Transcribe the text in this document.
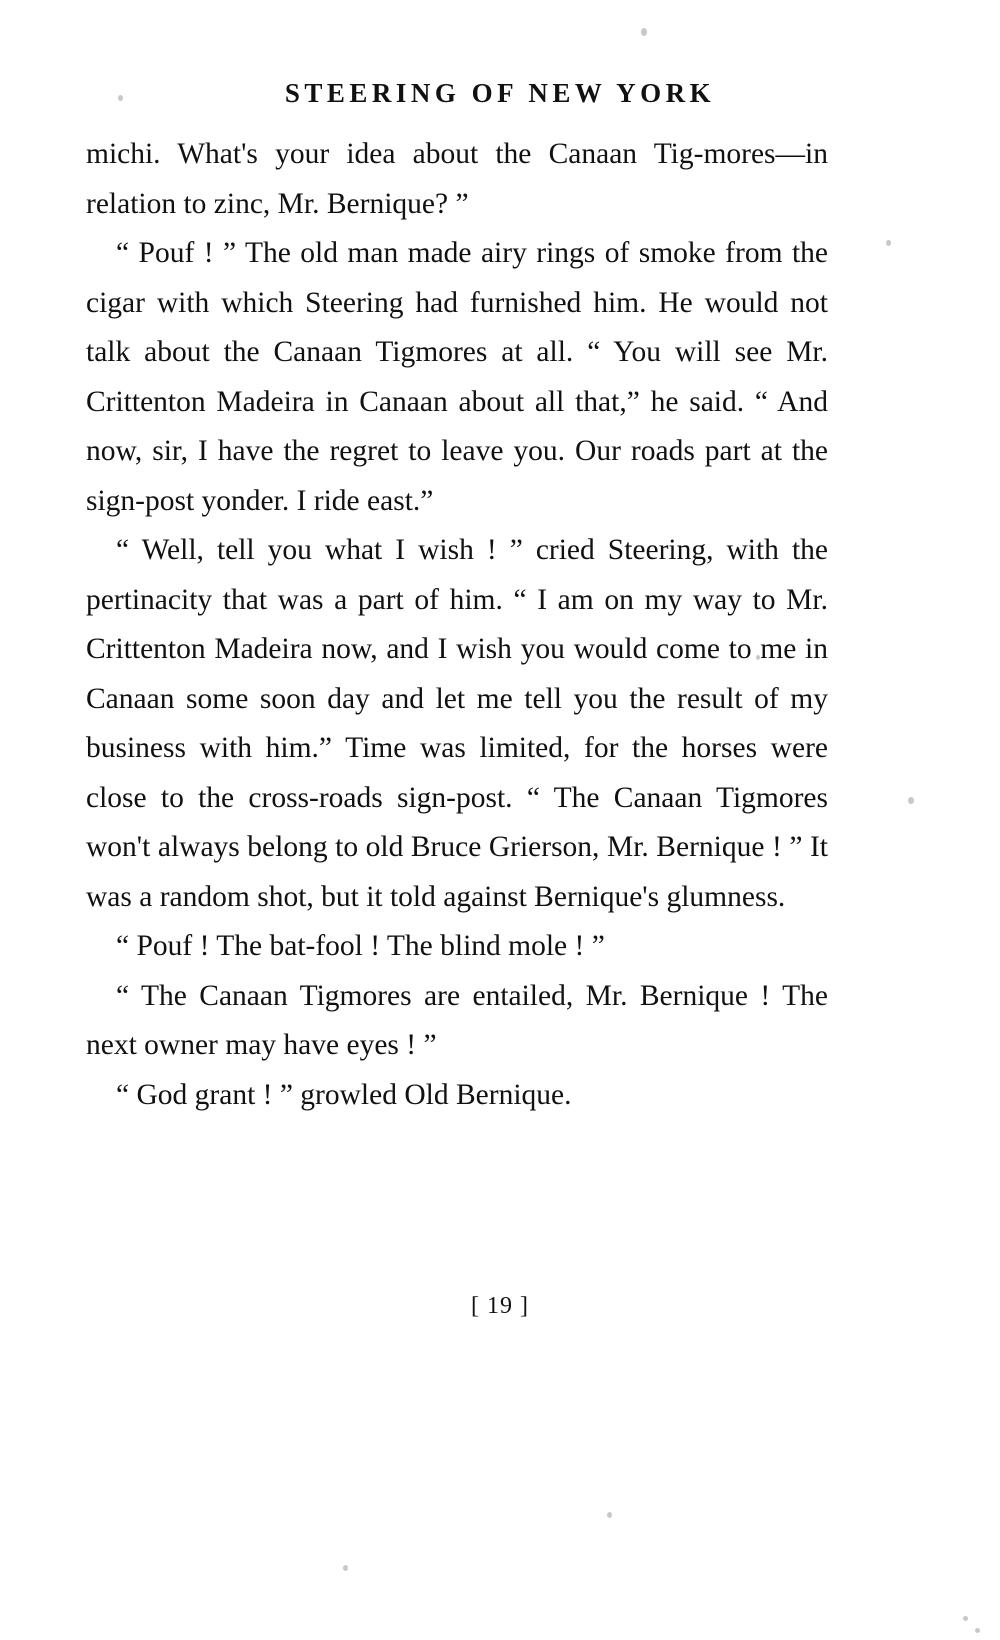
STEERING OF NEW YORK

michi. What's your idea about the Canaan Tig-mores—in relation to zinc, Mr. Bernique? ”

“ Pouf ! ” The old man made airy rings of smoke from the cigar with which Steering had furnished him. He would not talk about the Canaan Tigmores at all. “ You will see Mr. Crittenton Madeira in Canaan about all that,” he said. “ And now, sir, I have the regret to leave you. Our roads part at the sign-post yonder. I ride east.”

“ Well, tell you what I wish ! ” cried Steering, with the pertinacity that was a part of him. “ I am on my way to Mr. Crittenton Madeira now, and I wish you would come to me in Canaan some soon day and let me tell you the result of my business with him.” Time was limited, for the horses were close to the cross-roads sign-post. “ The Canaan Tigmores won't always belong to old Bruce Grierson, Mr. Bernique ! ” It was a random shot, but it told against Bernique's glumness.

“ Pouf ! The bat-fool ! The blind mole ! ”

“ The Canaan Tigmores are entailed, Mr. Bernique ! The next owner may have eyes ! ”

“ God grant ! ” growled Old Bernique.

[ 19 ]
